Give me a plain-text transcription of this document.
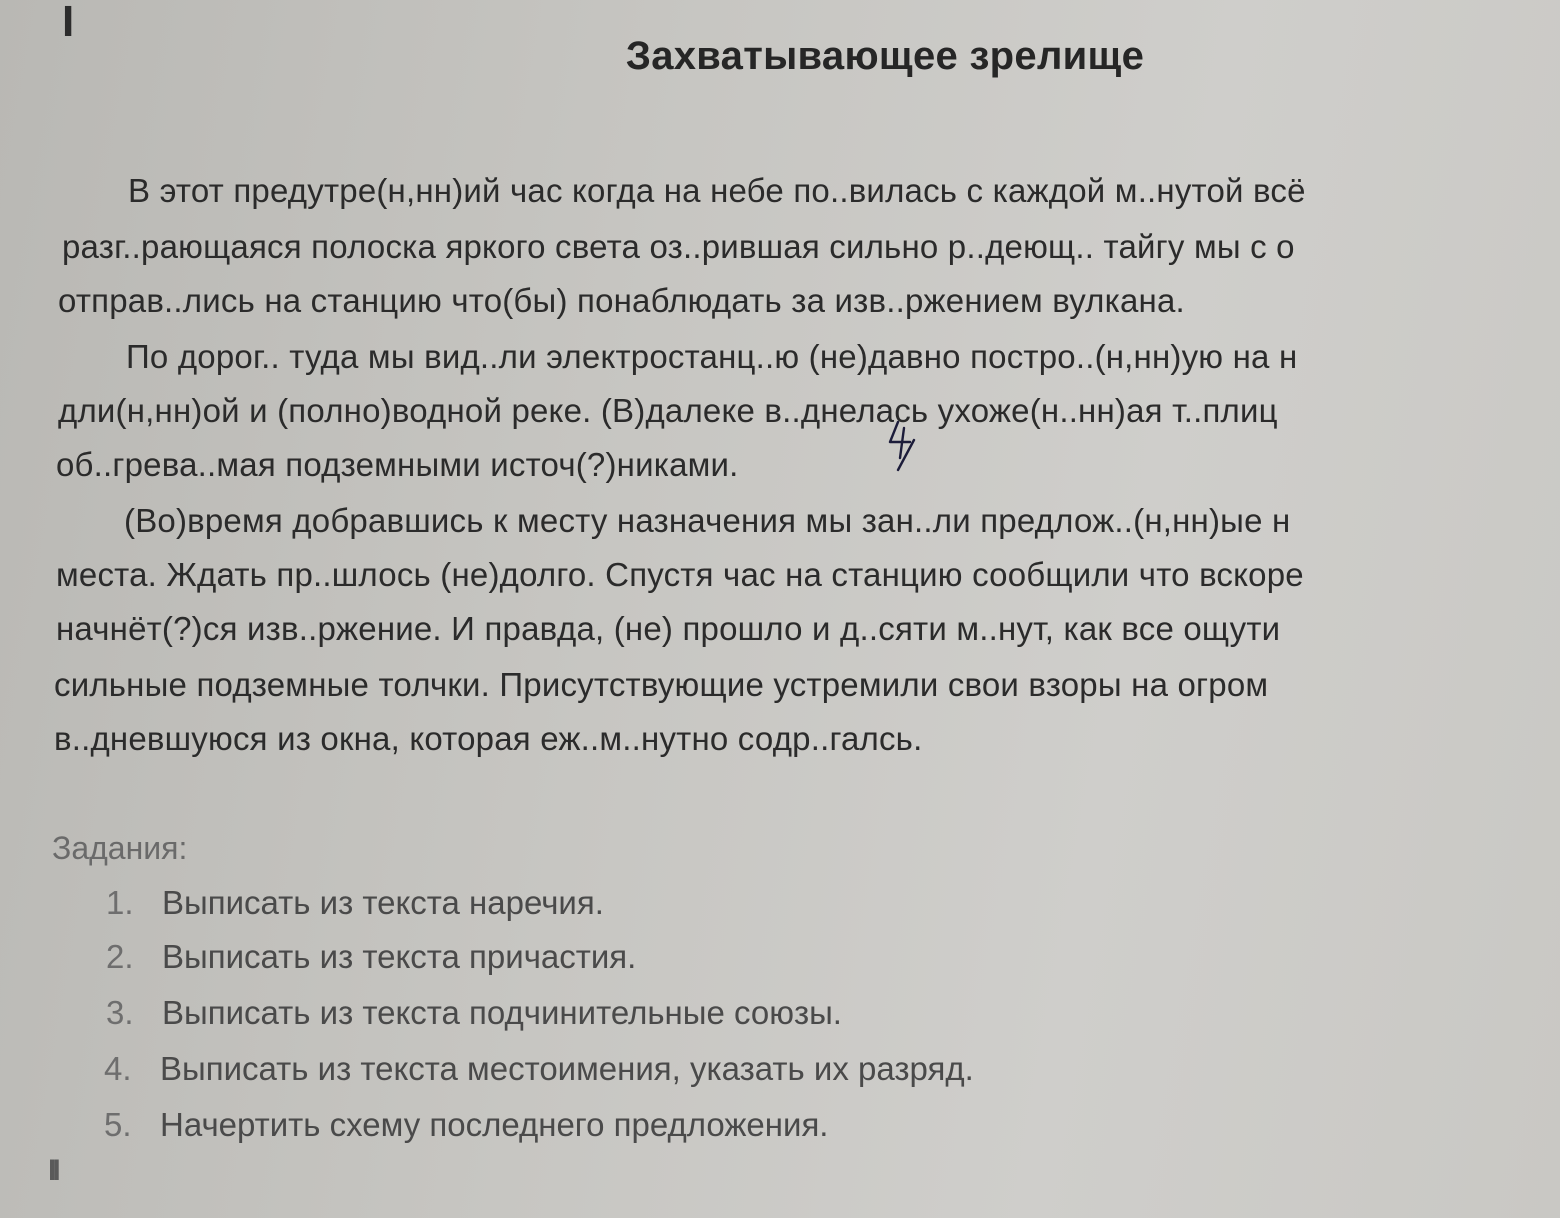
I
Захватывающее зрелище
В этот предутре(н,нн)ий час когда на небе по..вилась с каждой м..нутой всё
разг..рающаяся полоска яркого света оз..рившая сильно р..деющ.. тайгу мы с о
отправ..лись на станцию что(бы) понаблюдать за изв..ржением вулкана.
По дорог.. туда мы вид..ли электростанц..ю (не)давно постро..(н,нн)ую на н
дли(н,нн)ой и (полно)водной реке. (В)далеке в..днелась ухоже(н..нн)ая т..плиц
об..грева..мая подземными источ(?)никами.
(Во)время добравшись к месту назначения мы зан..ли предлож..(н,нн)ые н
места. Ждать пр..шлось (не)долго. Спустя час на станцию сообщили что вскоре
начнёт(?)ся изв..ржение. И правда, (не) прошло и д..сяти м..нут, как все ощути
сильные подземные толчки. Присутствующие устремили свои взоры на огром
в..дневшуюся из окна, которая еж..м..нутно содр..галсь.
Задания:
1. Выписать из текста наречия.
2. Выписать из текста причастия.
3. Выписать из текста подчинительные союзы.
4. Выписать из текста местоимения, указать их разряд.
5. Начертить схему последнего предложения.
II
